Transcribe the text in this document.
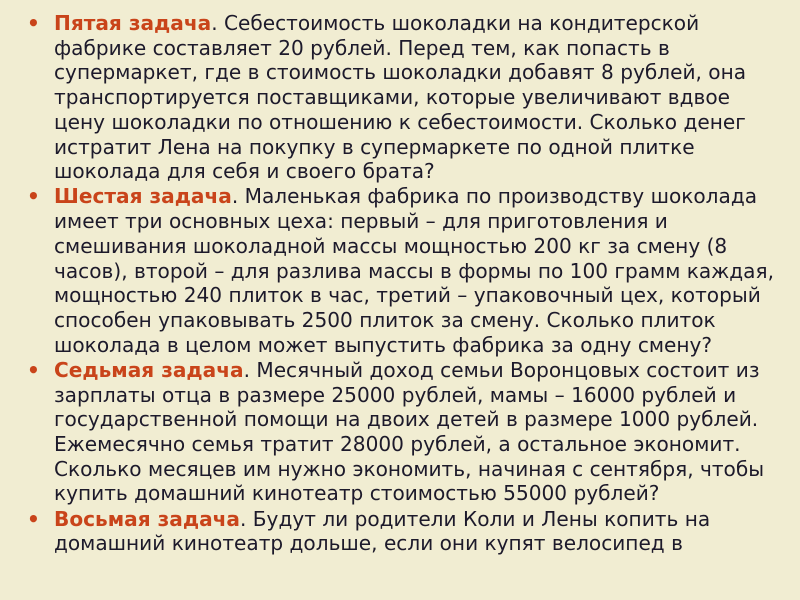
• Пятая задача. Себестоимость шоколадки на кондитерской фабрике составляет 20 рублей. Перед тем, как попасть в супермаркет, где в стоимость шоколадки добавят 8 рублей, она транспортируется поставщиками, которые увеличивают вдвое цену шоколадки по отношению к себестоимости. Сколько денег истратит Лена на покупку в супермаркете по одной плитке шоколада для себя и своего брата?
• Шестая задача. Маленькая фабрика по производству шоколада имеет три основных цеха: первый – для приготовления и смешивания шоколадной массы мощностью 200 кг за смену (8 часов), второй – для разлива массы в формы по 100 грамм каждая, мощностью 240 плиток в час, третий – упаковочный цех, который способен упаковывать 2500 плиток за смену. Сколько плиток шоколада в целом может выпустить фабрика за одну смену?
• Седьмая задача. Месячный доход семьи Воронцовых состоит из зарплаты отца в размере 25000 рублей, мамы – 16000 рублей и государственной помощи на двоих детей в размере 1000 рублей. Ежемесячно семья тратит 28000 рублей, а остальное экономит. Сколько месяцев им нужно экономить, начиная с сентября, чтобы купить домашний кинотеатр стоимостью 55000 рублей?
• Восьмая задача. Будут ли родители Коли и Лены копить на домашний кинотеатр дольше, если они купят велосипед в
